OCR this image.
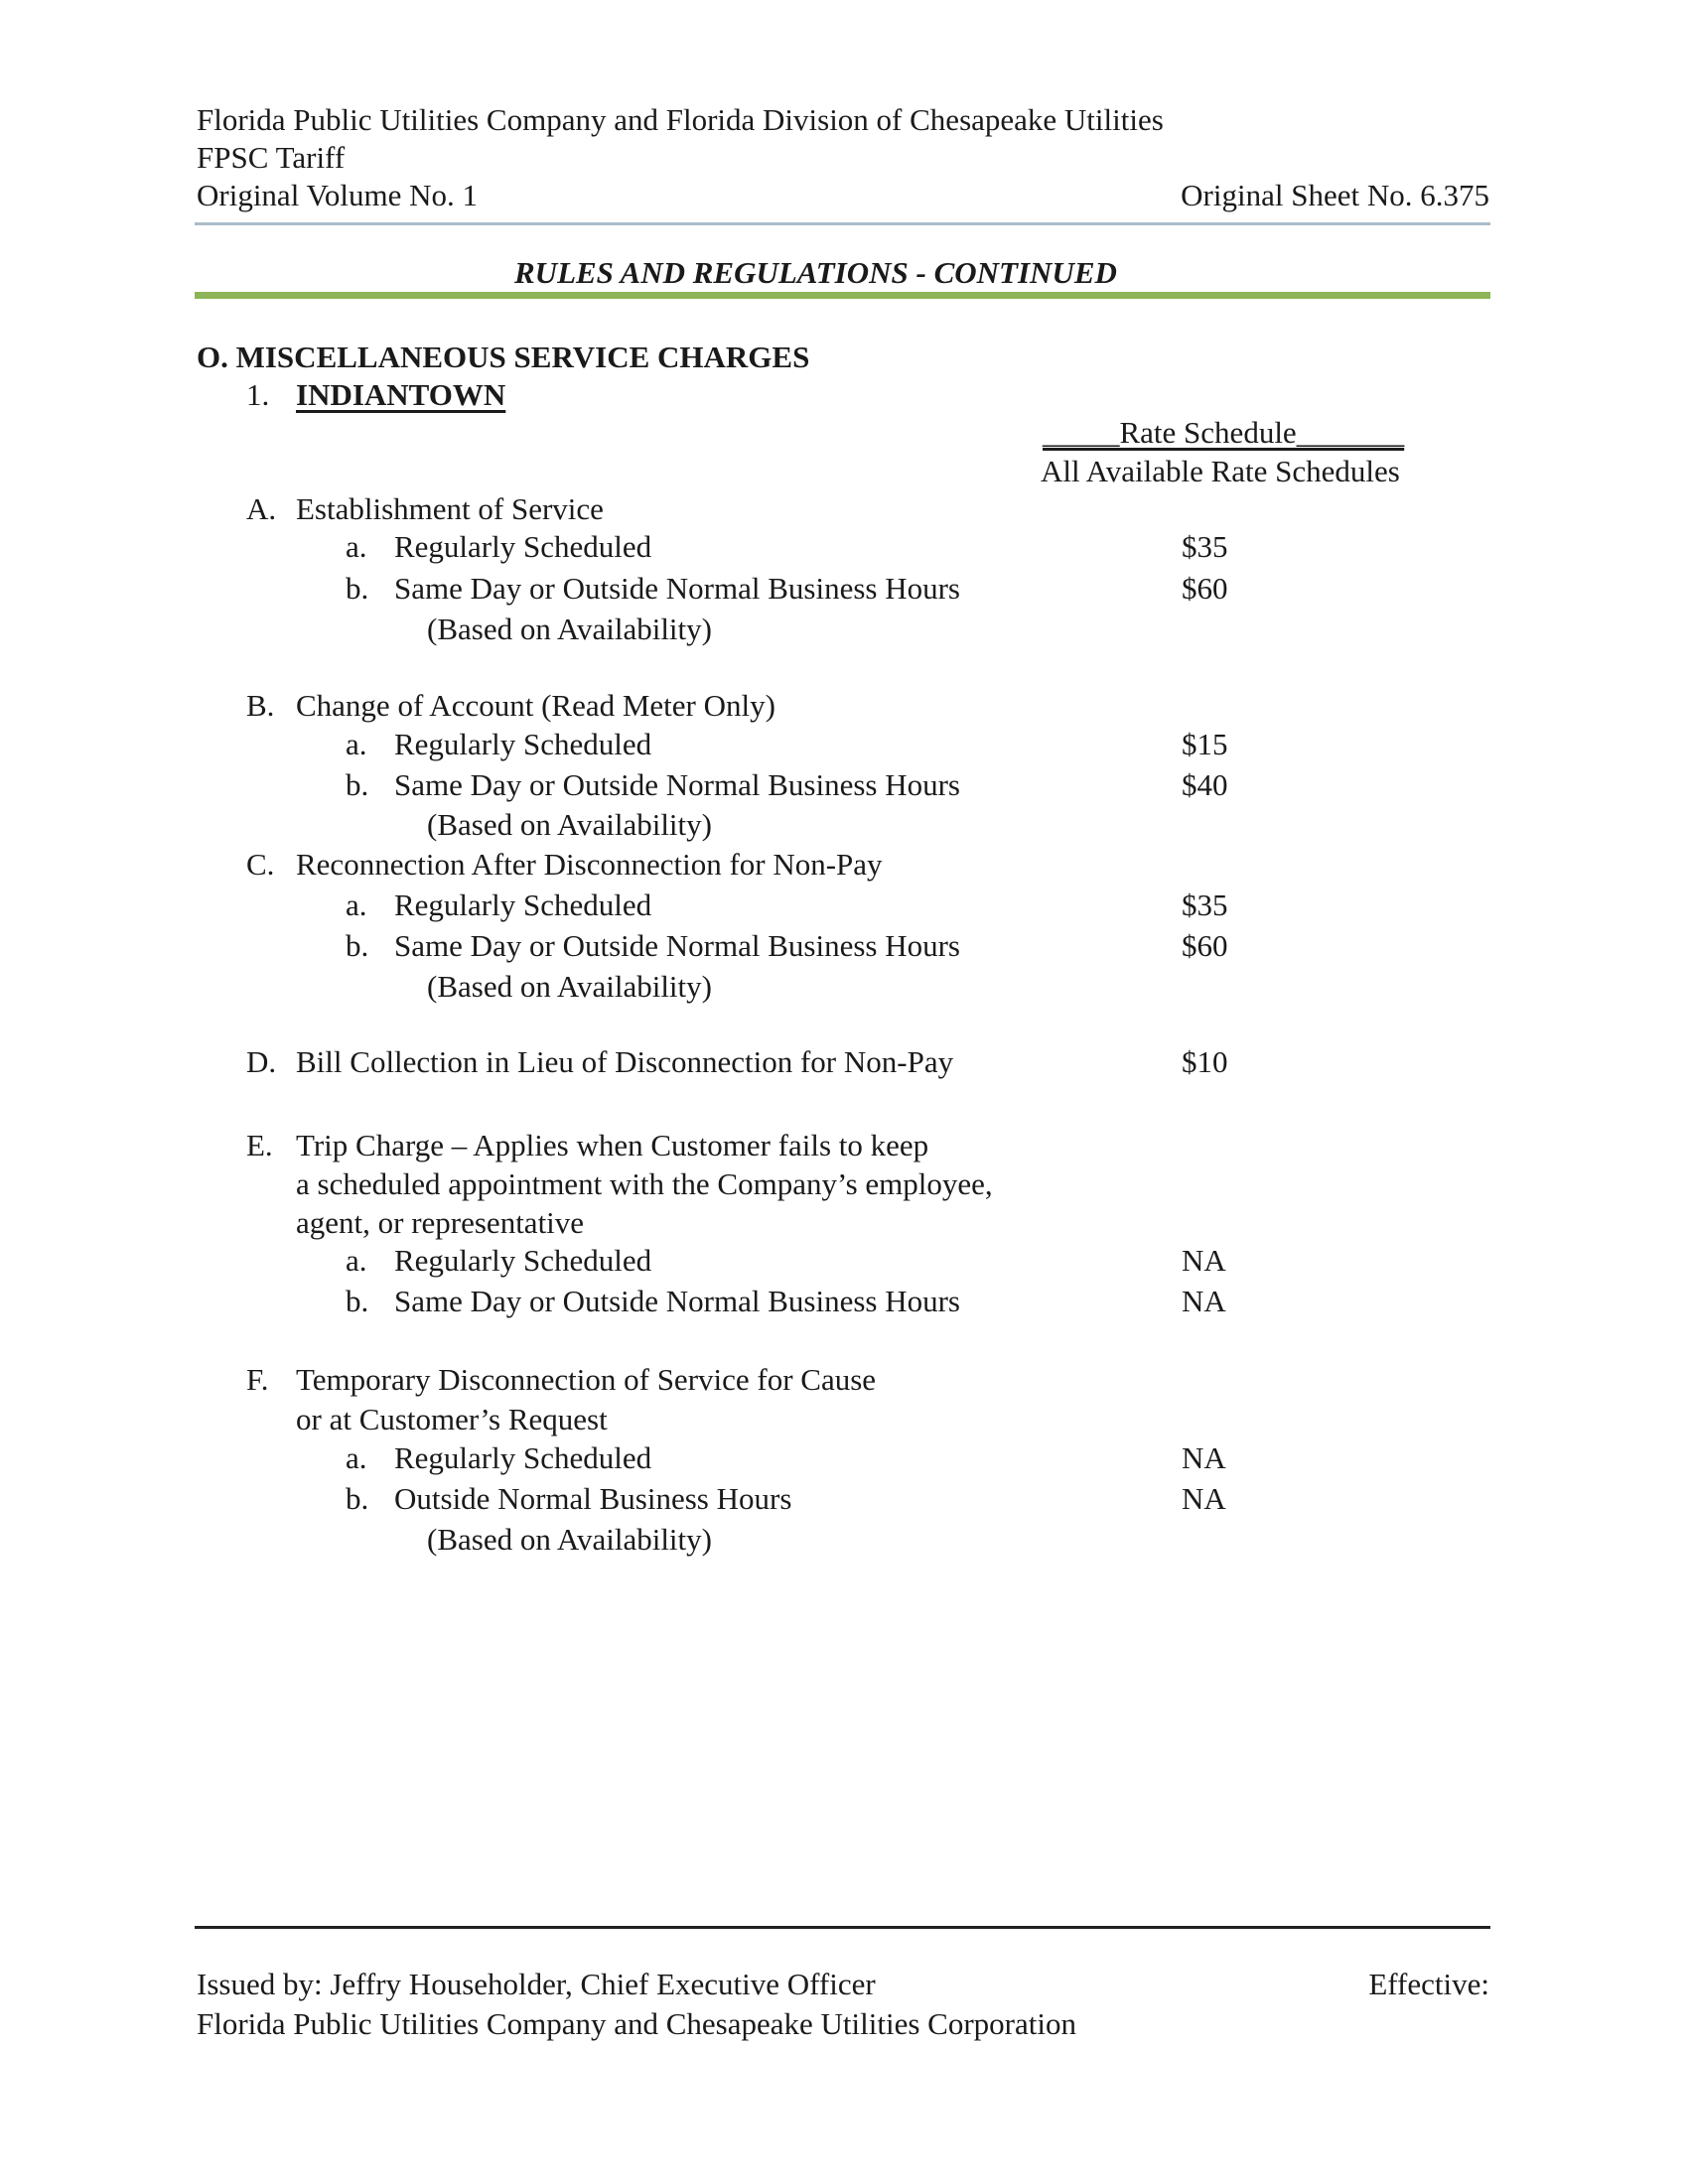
Florida Public Utilities Company and Florida Division of Chesapeake Utilities
FPSC Tariff
Original Volume No. 1	Original Sheet No. 6.375
RULES AND REGULATIONS - CONTINUED
O. MISCELLANEOUS SERVICE CHARGES
1. INDIANTOWN
_____Rate Schedule_______
All Available Rate Schedules
A. Establishment of Service
a. Regularly Scheduled	$35
b. Same Day or Outside Normal Business Hours	$60
(Based on Availability)
B. Change of Account (Read Meter Only)
a. Regularly Scheduled	$15
b. Same Day or Outside Normal Business Hours	$40
(Based on Availability)
C. Reconnection After Disconnection for Non-Pay
a. Regularly Scheduled	$35
b. Same Day or Outside Normal Business Hours	$60
(Based on Availability)
D. Bill Collection in Lieu of Disconnection for Non-Pay	$10
E. Trip Charge – Applies when Customer fails to keep
a scheduled appointment with the Company’s employee,
agent, or representative
a. Regularly Scheduled	NA
b. Same Day or Outside Normal Business Hours	NA
F. Temporary Disconnection of Service for Cause
or at Customer’s Request
a. Regularly Scheduled	NA
b. Outside Normal Business Hours	NA
(Based on Availability)
Issued by: Jeffry Householder, Chief Executive Officer	Effective:
Florida Public Utilities Company and Chesapeake Utilities Corporation
